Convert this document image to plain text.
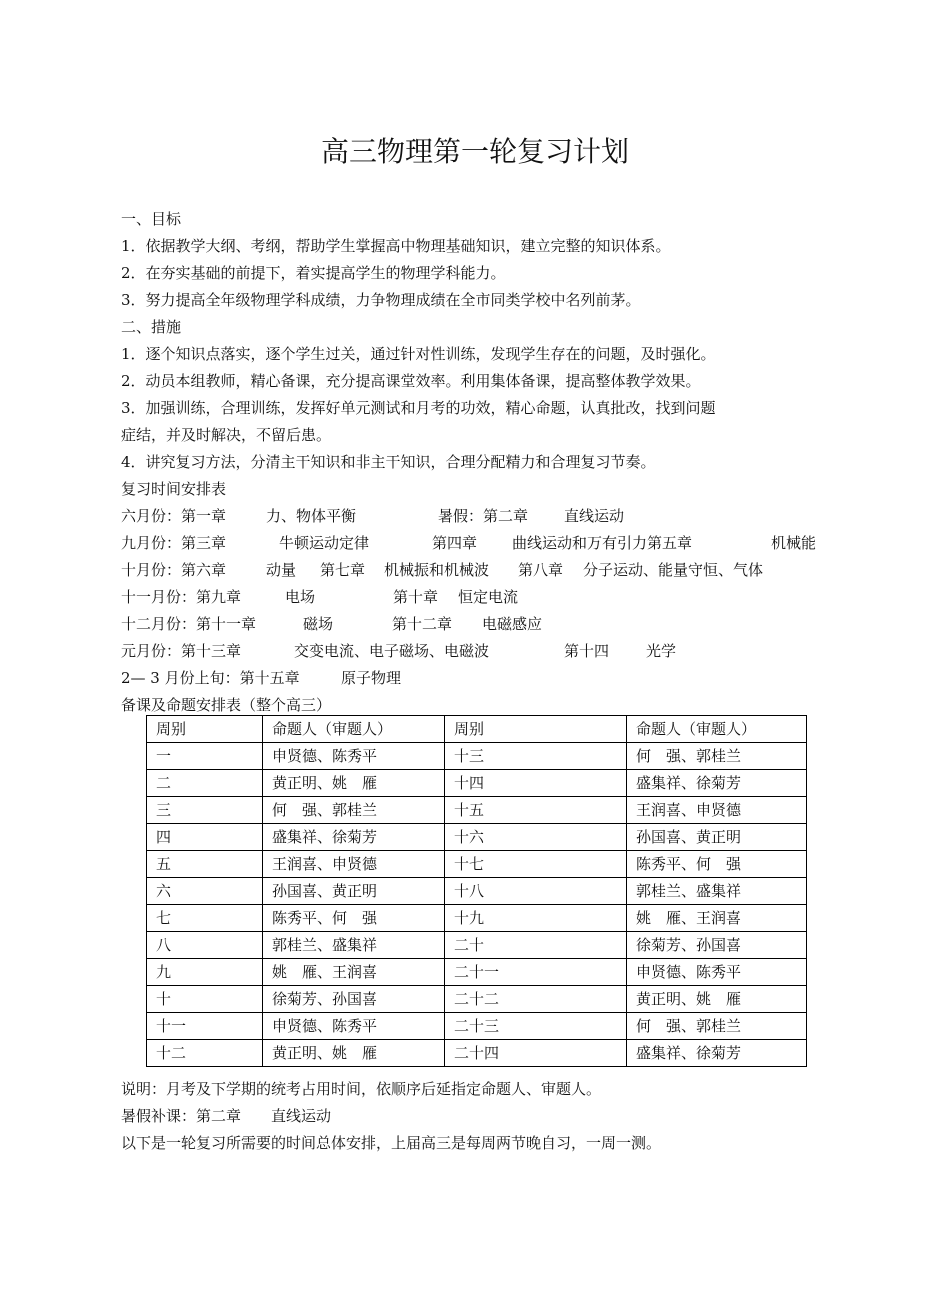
高三物理第一轮复习计划
一、目标
1．依据教学大纲、考纲，帮助学生掌握高中物理基础知识，建立完整的知识体系。
2．在夯实基础的前提下，着实提高学生的物理学科能力。
3．努力提高全年级物理学科成绩，力争物理成绩在全市同类学校中名列前茅。
二、措施
1．逐个知识点落实，逐个学生过关，通过针对性训练，发现学生存在的问题，及时强化。
2．动员本组教师，精心备课，充分提高课堂效率。利用集体备课，提高整体教学效果。
3．加强训练，合理训练，发挥好单元测试和月考的功效，精心命题，认真批改，找到问题
症结，并及时解决，不留后患。
4．讲究复习方法，分清主干知识和非主干知识，合理分配精力和合理复习节奏。
复习时间安排表
六月份：第一章	力、物体平衡	暑假：第二章 直线运动
九月份：第三章	牛顿运动定律	第四章 曲线运动和万有引力第五章	机械能
十月份：第六章	动量 第七章 机械振和机械波 第八章 分子运动、能量守恒、气体
十一月份：第九章	电场	第十章 恒定电流
十二月份：第十一章	磁场	第十二章 电磁感应
元月份：第十三章	交变电流、电子磁场、电磁波	第十四 光学
2— 3 月份上旬：第十五章	原子物理
备课及命题安排表（整个高三）
周别	命题人（审题人）	周别	命题人（审题人）
一	申贤德、陈秀平	十三	何　强、郭桂兰
二	黄正明、姚　雁	十四	盛集祥、徐菊芳
三	何　强、郭桂兰	十五	王润喜、申贤德
四	盛集祥、徐菊芳	十六	孙国喜、黄正明
五	王润喜、申贤德	十七	陈秀平、何　强
六	孙国喜、黄正明	十八	郭桂兰、盛集祥
七	陈秀平、何　强	十九	姚　雁、王润喜
八	郭桂兰、盛集祥	二十	徐菊芳、孙国喜
九	姚　雁、王润喜	二十一	申贤德、陈秀平
十	徐菊芳、孙国喜	二十二	黄正明、姚　雁
十一	申贤德、陈秀平	二十三	何　强、郭桂兰
十二	黄正明、姚　雁	二十四	盛集祥、徐菊芳
说明：月考及下学期的统考占用时间，依顺序后延指定命题人、审题人。
暑假补课：第二章　　直线运动
以下是一轮复习所需要的时间总体安排，上届高三是每周两节晚自习，一周一测。
